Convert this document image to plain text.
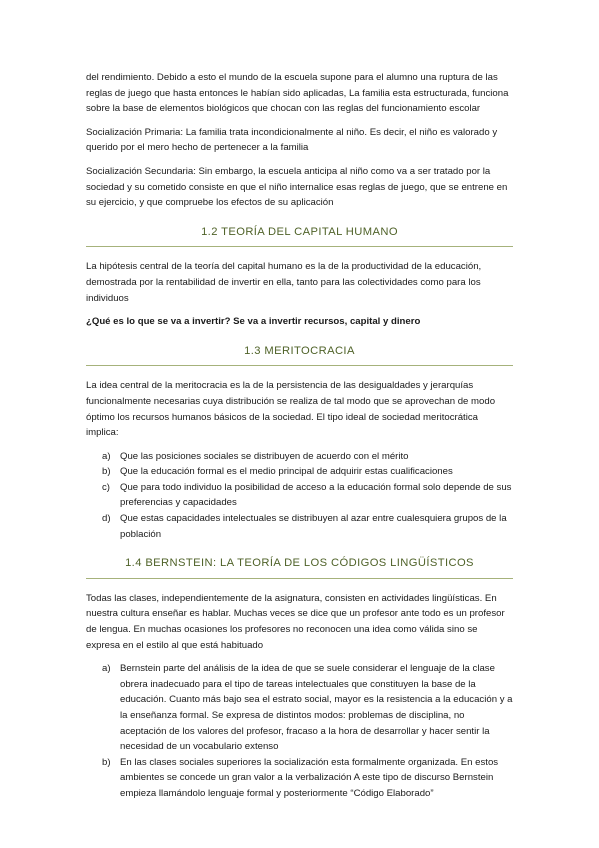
del rendimiento. Debido a esto el mundo de la escuela supone para el alumno una ruptura de las reglas de juego que hasta entonces le habían sido aplicadas, La familia esta estructurada, funciona sobre la base de elementos biológicos que chocan con las reglas del funcionamiento escolar

Socialización Primaria: La familia trata incondicionalmente al niño. Es decir, el niño es valorado y querido por el mero hecho de pertenecer a la familia

Socialización Secundaria: Sin embargo, la escuela anticipa al niño como va a ser tratado por la sociedad y su cometido consiste en que el niño internalice esas reglas de juego, que se entrene en su ejercicio, y que compruebe los efectos de su aplicación

1.2 TEORÍA DEL CAPITAL HUMANO

La hipótesis central de la teoría del capital humano es la de la productividad de la educación, demostrada por la rentabilidad de invertir en ella, tanto para las colectividades como para los individuos

¿Qué es lo que se va a invertir? Se va a invertir recursos, capital y dinero

1.3 MERITOCRACIA

La idea central de la meritocracia es la de la persistencia de las desigualdades y jerarquías funcionalmente necesarias cuya distribución se realiza de tal modo que se aprovechan de modo óptimo los recursos humanos básicos de la sociedad. El tipo ideal de sociedad meritocrática implica:

a) Que las posiciones sociales se distribuyen de acuerdo con el mérito
b) Que la educación formal es el medio principal de adquirir estas cualificaciones
c) Que para todo individuo la posibilidad de acceso a la educación formal solo depende de sus preferencias y capacidades
d) Que estas capacidades intelectuales se distribuyen al azar entre cualesquiera grupos de la población
1.4 BERNSTEIN: LA TEORÍA DE LOS CÓDIGOS LINGÜÍSTICOS

Todas las clases, independientemente de la asignatura, consisten en actividades lingüísticas. En nuestra cultura enseñar es hablar. Muchas veces se dice que un profesor ante todo es un profesor de lengua. En muchas ocasiones los profesores no reconocen una idea como válida sino se expresa en el estilo al que está habituado

a) Bernstein parte del análisis de la idea de que se suele considerar el lenguaje de la clase obrera inadecuado para el tipo de tareas intelectuales que constituyen la base de la educación. Cuanto más bajo sea el estrato social, mayor es la resistencia a la educación y a la enseñanza formal. Se expresa de distintos modos: problemas de disciplina, no aceptación de los valores del profesor, fracaso a la hora de desarrollar y hacer sentir la necesidad de un vocabulario extenso
b) En las clases sociales superiores la socialización esta formalmente organizada. En estos ambientes se concede un gran valor a la verbalización A este tipo de discurso Bernstein empieza llamándolo lenguaje formal y posteriormente “Código Elaborado”
